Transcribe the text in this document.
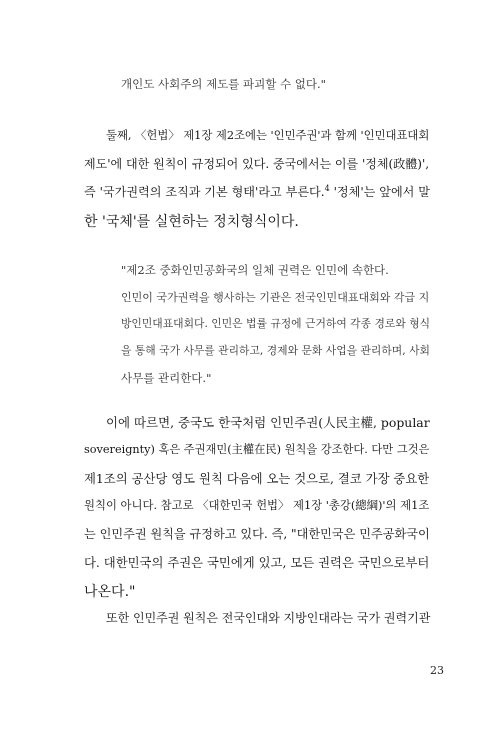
개인도 사회주의 제도를 파괴할 수 없다."
둘째, 〈헌법〉 제1장 제2조에는 '인민주권'과 함께 '인민대표대회
제도'에 대한 원칙이 규정되어 있다. 중국에서는 이를 '정체(政體)',
즉 '국가권력의 조직과 기본 형태'라고 부른다.$^4$ '정체'는 앞에서 말
한 '국체'를 실현하는 정치형식이다.
"제2조 중화인민공화국의 일체 권력은 인민에 속한다.
인민이 국가권력을 행사하는 기관은 전국인민대표대회와 각급 지
방인민대표대회다. 인민은 법률 규정에 근거하여 각종 경로와 형식
을 통해 국가 사무를 관리하고, 경제와 문화 사업을 관리하며, 사회
사무를 관리한다."
이에 따르면, 중국도 한국처럼 인민주권(人民主權, popular
sovereignty) 혹은 주권재민(主權在民) 원칙을 강조한다. 다만 그것은
제1조의 공산당 영도 원칙 다음에 오는 것으로, 결코 가장 중요한
원칙이 아니다. 참고로 〈대한민국 헌법〉 제1장 '총강(總綱)'의 제1조
는 인민주권 원칙을 규정하고 있다. 즉, "대한민국은 민주공화국이
다. 대한민국의 주권은 국민에게 있고, 모든 권력은 국민으로부터
나온다."
또한 인민주권 원칙은 전국인대와 지방인대라는 국가 권력기관
23
